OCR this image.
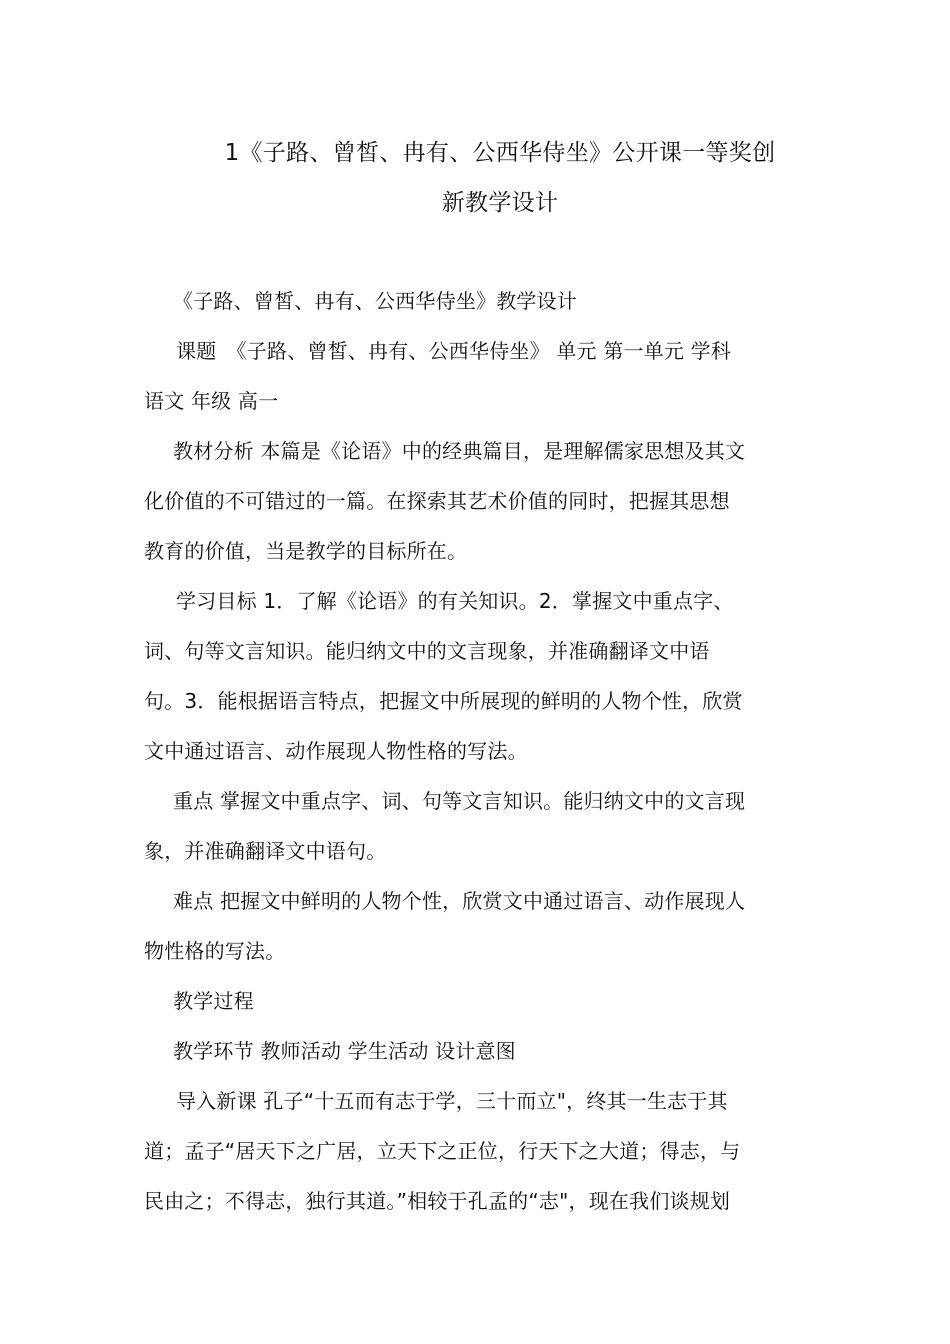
1《子路、曾皙、冉有、公西华侍坐》公开课一等奖创
新教学设计
《子路、曾皙、冉有、公西华侍坐》教学设计
课题　《子路、曾皙、冉有、公西华侍坐》 单元 第一单元 学科
语文 年级 高一
教材分析 本篇是《论语》中的经典篇目，是理解儒家思想及其文
化价值的不可错过的一篇。在探索其艺术价值的同时，把握其思想
教育的价值，当是教学的目标所在。
学习目标 1．了解《论语》的有关知识。2．掌握文中重点字、
词、句等文言知识。能归纳文中的文言现象，并准确翻译文中语
句。3．能根据语言特点，把握文中所展现的鲜明的人物个性，欣赏
文中通过语言、动作展现人物性格的写法。
重点 掌握文中重点字、词、句等文言知识。能归纳文中的文言现
象，并准确翻译文中语句。
难点 把握文中鲜明的人物个性，欣赏文中通过语言、动作展现人
物性格的写法。
教学过程
教学环节 教师活动 学生活动 设计意图
导入新课 孔子“十五而有志于学，三十而立"，终其一生志于其
道；孟子“居天下之广居，立天下之正位，行天下之大道；得志，与
民由之；不得志，独行其道。”相较于孔孟的“志"，现在我们谈规划
